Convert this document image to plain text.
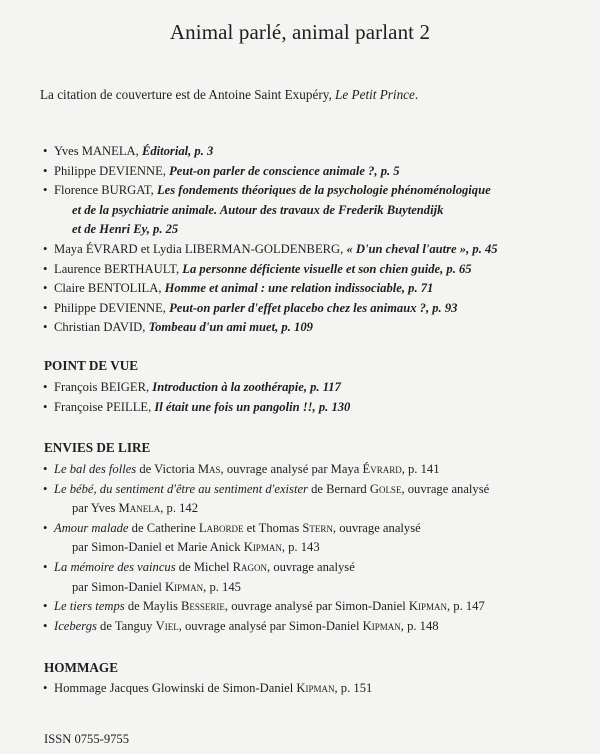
Animal parlé, animal parlant 2
La citation de couverture est de Antoine Saint Exupéry, Le Petit Prince.
• Yves MANELA, Éditorial, p. 3
• Philippe DEVIENNE, Peut-on parler de conscience animale ?, p. 5
• Florence BURGAT, Les fondements théoriques de la psychologie phénoménologique
et de la psychiatrie animale. Autour des travaux de Frederik Buytendijk
et de Henri Ey, p. 25
• Maya ÉVRARD et Lydia LIBERMAN-GOLDENBERG, « D'un cheval l'autre », p. 45
• Laurence BERTHAULT, La personne déficiente visuelle et son chien guide, p. 65
• Claire BENTOLILA, Homme et animal : une relation indissociable, p. 71
• Philippe DEVIENNE, Peut-on parler d'effet placebo chez les animaux ?, p. 93
• Christian DAVID, Tombeau d'un ami muet, p. 109
POINT DE VUE
• François BEIGER, Introduction à la zoothérapie, p. 117
• Françoise PEILLE, Il était une fois un pangolin !!, p. 130
ENVIES DE LIRE
• Le bal des folles de Victoria Mas, ouvrage analysé par Maya Évrard, p. 141
• Le bébé, du sentiment d'être au sentiment d'exister de Bernard Golse, ouvrage analysé
par Yves Manela, p. 142
• Amour malade de Catherine Laborde et Thomas Stern, ouvrage analysé
par Simon-Daniel et Marie Anick Kipman, p. 143
• La mémoire des vaincus de Michel Ragon, ouvrage analysé
par Simon-Daniel Kipman, p. 145
• Le tiers temps de Maylis Besserie, ouvrage analysé par Simon-Daniel Kipman, p. 147
• Icebergs de Tanguy Viel, ouvrage analysé par Simon-Daniel Kipman, p. 148
HOMMAGE
• Hommage Jacques Glowinski de Simon-Daniel Kipman, p. 151
ISSN 0755-9755
